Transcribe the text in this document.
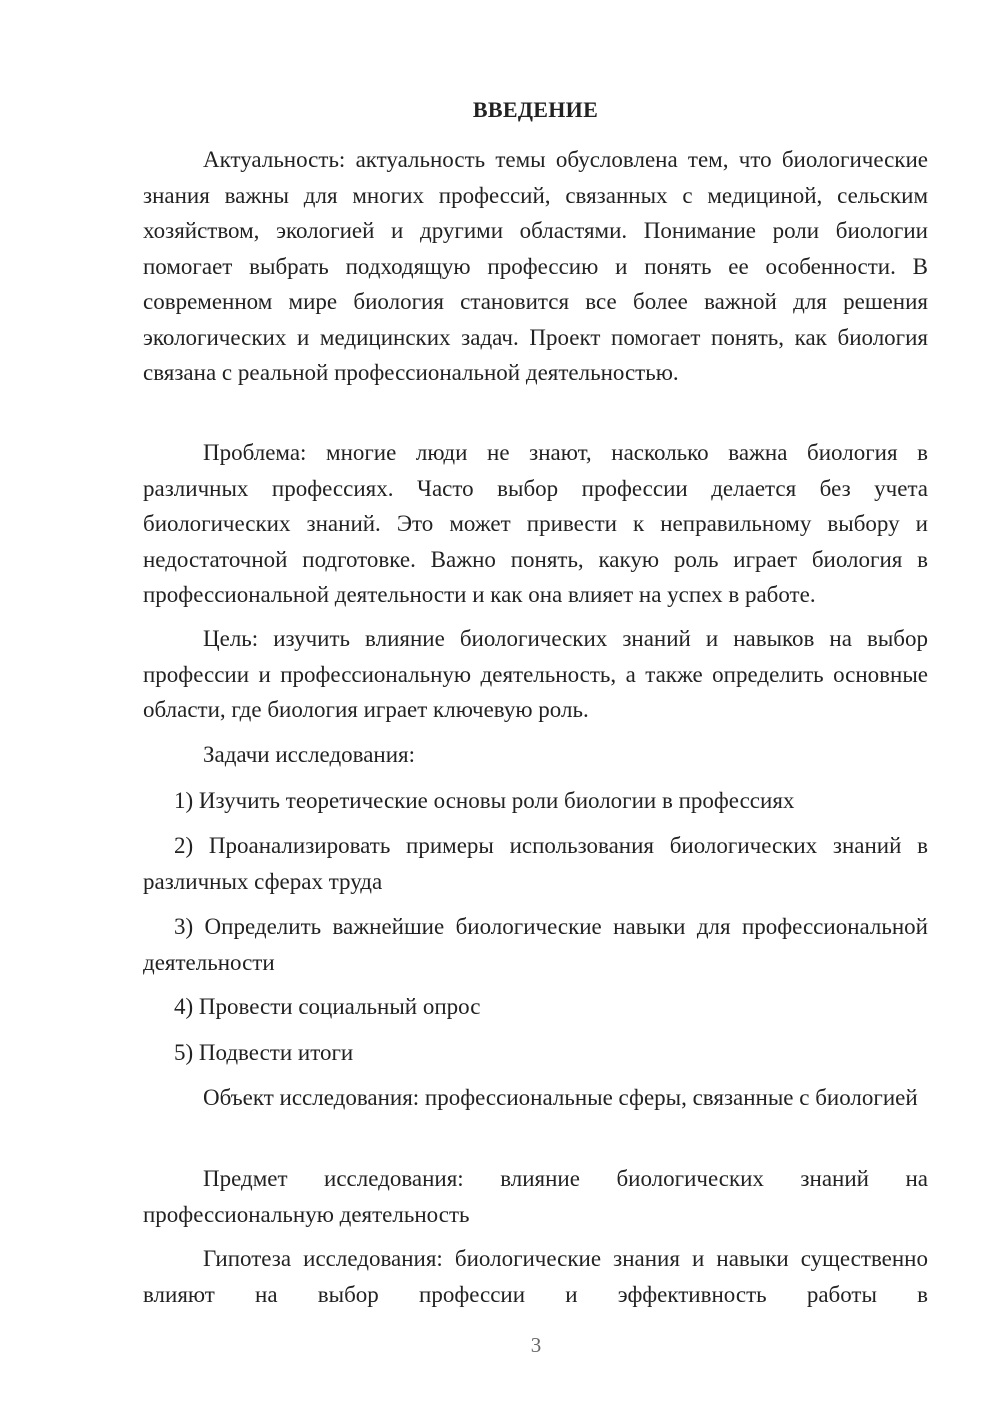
ВВЕДЕНИЕ

Актуальность: актуальность темы обусловлена тем, что биологические знания важны для многих профессий, связанных с медициной, сельским хозяйством, экологией и другими областями. Понимание роли биологии помогает выбрать подходящую профессию и понять ее особенности. В современном мире биология становится все более важной для решения экологических и медицинских задач. Проект помогает понять, как биология связана с реальной профессиональной деятельностью.

Проблема: многие люди не знают, насколько важна биология в различных профессиях. Часто выбор профессии делается без учета биологических знаний. Это может привести к неправильному выбору и недостаточной подготовке. Важно понять, какую роль играет биология в профессиональной деятельности и как она влияет на успех в работе.

Цель: изучить влияние биологических знаний и навыков на выбор профессии и профессиональную деятельность, а также определить основные области, где биология играет ключевую роль.

Задачи исследования:

1) Изучить теоретические основы роли биологии в профессиях

2) Проанализировать примеры использования биологических знаний в различных сферах труда

3) Определить важнейшие биологические навыки для профессиональной деятельности

4) Провести социальный опрос

5) Подвести итоги

Объект исследования: профессиональные сферы, связанные с биологией

Предмет исследования: влияние биологических знаний на профессиональную деятельность

Гипотеза исследования: биологические знания и навыки существенно влияют на выбор профессии и эффективность работы в

3
